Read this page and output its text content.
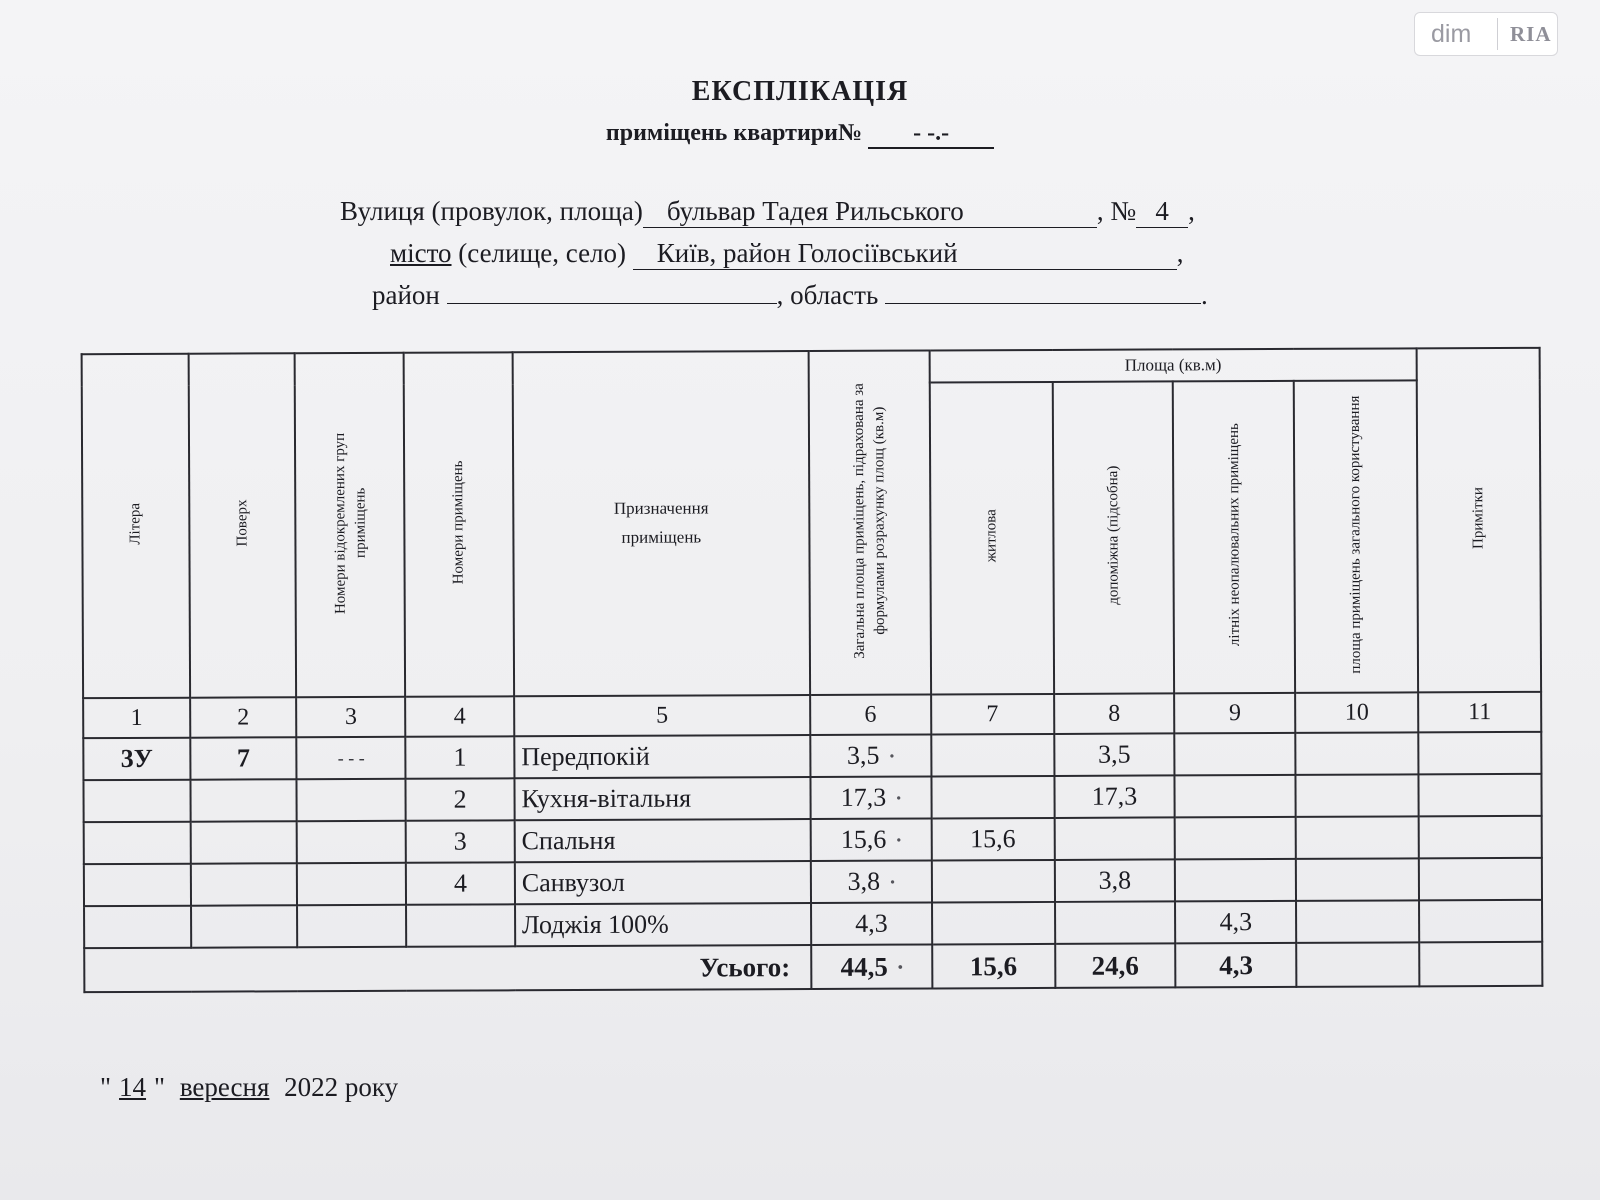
dim	RIA
ЕКСПЛІКАЦІЯ
приміщень квартири№ - -.-
Вулиця (провулок, площа) бульвар Тадея Рильського	, № 4 ,
місто (селище, село) Київ, район Голосіївський	,
район	, область	.
Літера	Поверх	Номери відокремлених груп приміщень	Номери приміщень	Призначення приміщень	Загальна площа приміщень, підрахована за формулами розрахунку площ (кв.м)	Площа (кв.м)				Примітки
						житлова	допоміжна (підсобна)	літніх неопалювальних приміщень	площа приміщень загального користування	
1	2	3	4	5	6	7	8	9	10	11
3У	7	- - -	1	Передпокій	3,5 •		3,5			
			2	Кухня-вітальня	17,3 •		17,3			
			3	Спальня	15,6 •	15,6				
			4	Санвузол	3,8 •		3,8			
				Лоджія 100%	4,3			4,3		
Усього:					44,5 •	15,6	24,6	4,3		
" 14 " вересня 2022 року
